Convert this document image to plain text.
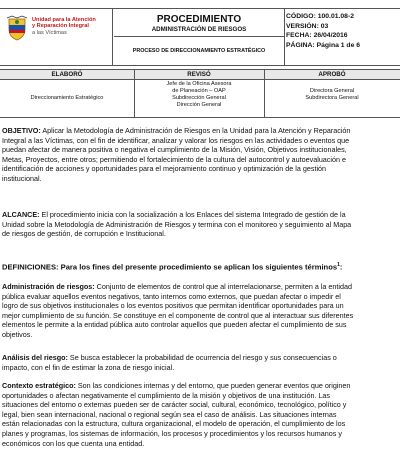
Unidad para la Atención
y Reparación Integral
a las Víctimas
PROCEDIMIENTO
ADMINISTRACIÓN DE RIESGOS
PROCESO DE DIRECCIONAMIENTO ESTRATÉGICO
CÓDIGO: 100.01.08-2
VERSIÓN: 03
FECHA: 26/04/2016
PÁGINA: Página 1 de 6
ELABORÓ	REVISÓ	APROBÓ
Direccionamiento Estratégico
Jefe de la Oficina Asesora
de Planeación – OAP
Subdirección General
Dirección General
Directora General
Subdirectora General
OBJETIVO: Aplicar la Metodología de Administración de Riesgos en la Unidad para la Atención y Reparación
Integral a las Víctimas, con el fin de identificar, analizar y valorar los riesgos en las actividades o eventos que
puedan afectar de manera positiva o negativa el cumplimiento de la Misión, Visión, Objetivos institucionales,
Metas, Proyectos, entre otros; permitiendo el fortalecimiento de la cultura del autocontrol y autoevaluación e
identificación de acciones y oportunidades para el mejoramiento continuo y optimización de la gestión
institucional.
ALCANCE: El procedimiento inicia con la socialización a los Enlaces del sistema Integrado de gestión de la
Unidad sobre la Metodología de Administración de Riesgos y termina con el monitoreo y seguimiento al Mapa
de riesgos de gestión, de corrupción e Institucional.
DEFINICIONES: Para los fines del presente procedimiento se aplican los siguientes términos$^1$:
Administración de riesgos: Conjunto de elementos de control que al interrelacionarse, permiten a la entidad
pública evaluar aquellos eventos negativos, tanto internos como externos, que puedan afectar o impedir el
logro de sus objetivos institucionales o los eventos positivos que permitan identificar oportunidades para un
mejor cumplimiento de su función. Se constituye en el componente de control que al interactuar sus diferentes
elementos le permite a la entidad pública auto controlar aquellos que pueden afectar el cumplimiento de sus
objetivos.
Análisis del riesgo: Se busca establecer la probabilidad de ocurrencia del riesgo y sus consecuencias o
impacto, con el fin de estimar la zona de riesgo inicial.
Contexto estratégico: Son las condiciones internas y del entorno, que pueden generar eventos que originen
oportunidades o afectan negativamente el cumplimiento de la misión y objetivos de una institución. Las
situaciones del entorno o externas pueden ser de carácter social, cultural, económico, tecnológico, político y
legal, bien sean internacional, nacional o regional según sea el caso de análisis. Las situaciones internas
están relacionadas con la estructura, cultura organizacional, el modelo de operación, el cumplimiento de los
planes y programas, los sistemas de información, los procesos y procedimientos y los recursos humanos y
económicos con los que cuenta una entidad.
